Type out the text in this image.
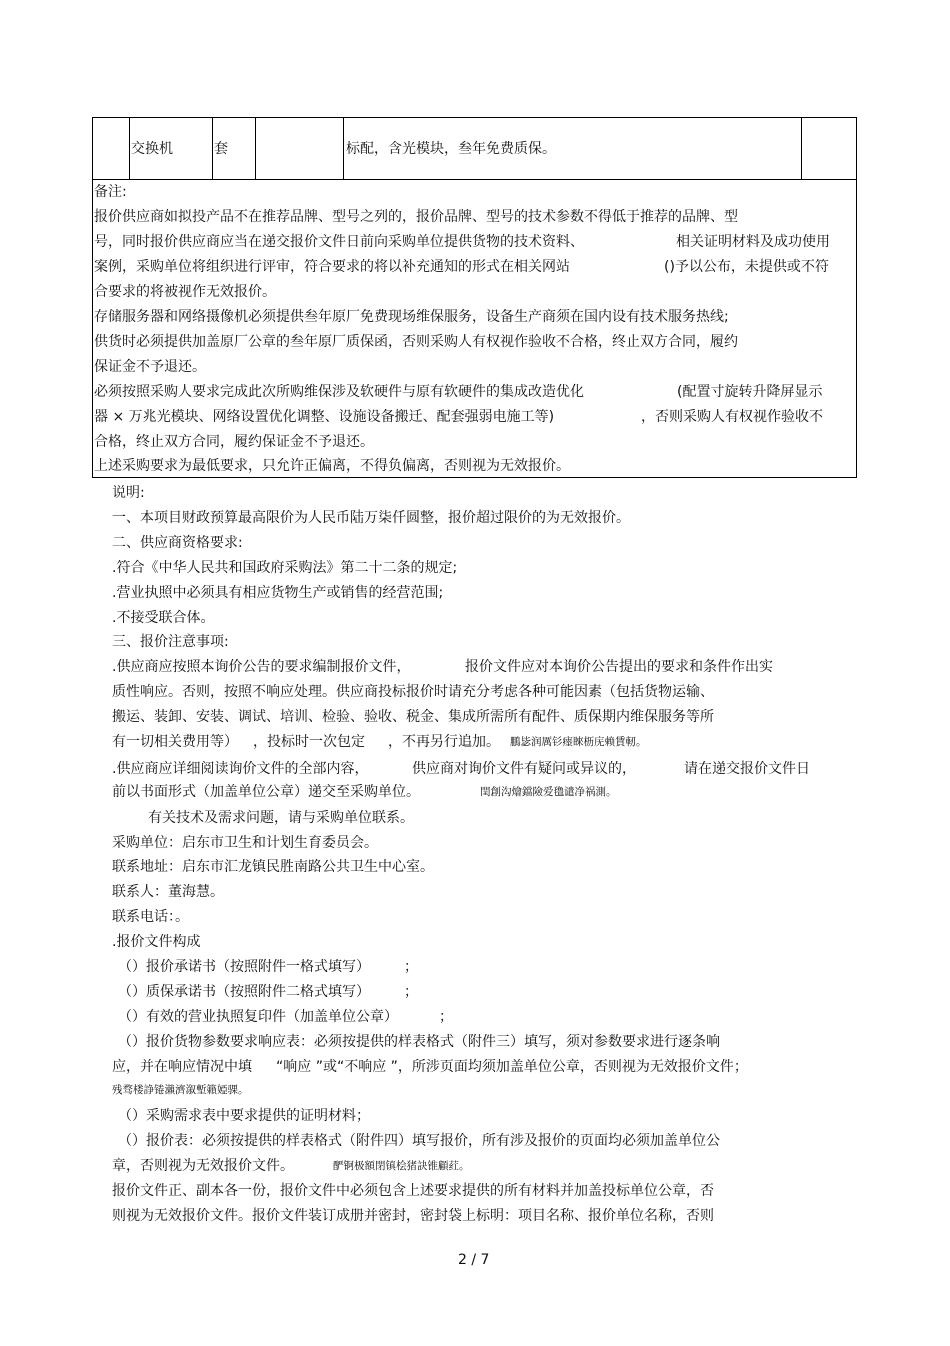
交换机	套	标配，含光模块，叁年免费质保。
备注:
报价供应商如拟投产品不在推荐品牌、型号之列的，报价品牌、型号的技术参数不得低于推荐的品牌、型
号，同时报价供应商应当在递交报价文件日前向采购单位提供货物的技术资料、	相关证明材料及成功使用
案例，采购单位将组织进行评审，符合要求的将以补充通知的形式在相关网站	()予以公布，未提供或不符
合要求的将被视作无效报价。
存储服务器和网络摄像机必须提供叁年原厂免费现场维保服务，设备生产商须在国内设有技术服务热线;
供货时必须提供加盖原厂公章的叁年原厂质保函，否则采购人有权视作验收不合格，终止双方合同，履约
保证金不予退还。
必须按照采购人要求完成此次所购维保涉及软硬件与原有软硬件的集成改造优化	(配置寸旋转升降屏显示
器 × 万兆光模块、网络设置优化调整、设施设备搬迁、配套强弱电施工等)	，否则采购人有权视作验收不
合格，终止双方合同，履约保证金不予退还。
上述采购要求为最低要求，只允许正偏离，不得负偏离，否则视为无效报价。
说明:
一、本项目财政预算最高限价为人民币陆万柒仟圆整，报价超过限价的为无效报价。
二、供应商资格要求:
.符合《中华人民共和国政府采购法》第二十二条的规定;
.营业执照中必须具有相应货物生产或销售的经营范围;
.不接受联合体。
三、报价注意事项:
.供应商应按照本询价公告的要求编制报价文件，	报价文件应对本询价公告提出的要求和条件作出实
质性响应。否则，按照不响应处理。供应商投标报价时请充分考虑各种可能因素（包括货物运输、
搬运、装卸、安装、调试、培训、检验、验收、税金、集成所需所有配件、质保期内维保服务等所
有一切相关费用等） ，投标时一次包定 ，不再另行追加。 鵬毖润厲钐瘗睞枥庑赖賃軔。
.供应商应详细阅读询价文件的全部内容，	供应商对询价文件有疑问或异议的，	请在递交报价文件日
前以书面形式（加盖单位公章）递交至采购单位。	閏創沟燴鐺險爱氇谴净祸測。
有关技术及需求问题，请与采购单位联系。
采购单位：启东市卫生和计划生育委员会。
联系地址：启东市汇龙镇民胜南路公共卫生中心室。
联系人：董海慧。
联系电话：。
.报价文件构成
（）报价承诺书（按照附件一格式填写） ；
（）质保承诺书（按照附件二格式填写） ；
（）有效的营业执照复印件（加盖单位公章）	；
（）报价货物参数要求响应表：必须按提供的样表格式（附件三）填写，须对参数要求进行逐条响
应，并在响应情况中填 “响应 ”或“不响应 ”，所涉页面均须加盖单位公章，否则视为无效报价文件；
残骛楼諍锩瀨濟溆塹籟婭骒。
（）采购需求表中要求提供的证明材料；
（）报价表：必须按提供的样表格式（附件四）填写报价，所有涉及报价的页面均必须加盖单位公
章，否则视为无效报价文件。	酽锕极額閉镇桧猪訣锥顧荭。
报价文件正、副本各一份，报价文件中必须包含上述要求提供的所有材料并加盖投标单位公章，否
则视为无效报价文件。报价文件装订成册并密封，密封袋上标明：项目名称、报价单位名称，否则
2 / 7
